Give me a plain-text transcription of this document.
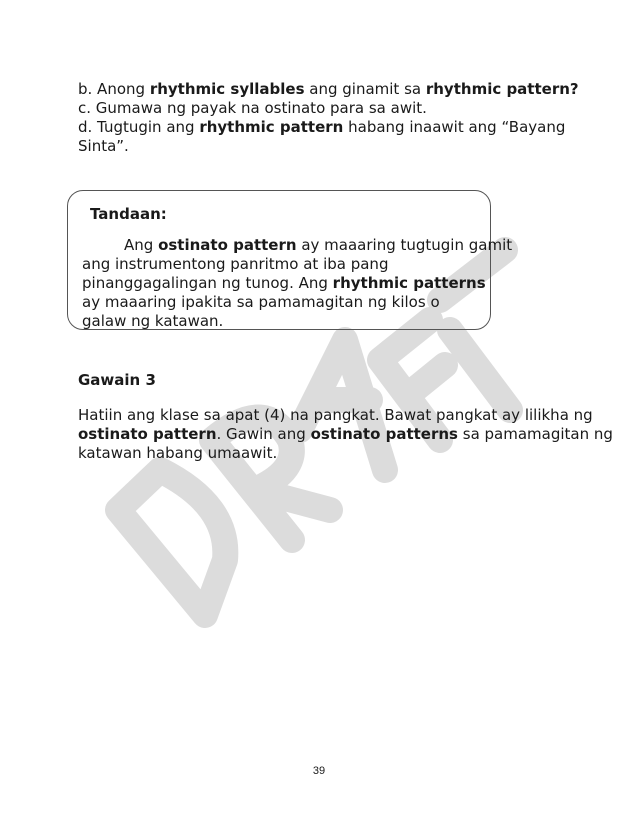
b. Anong rhythmic syllables ang ginamit sa rhythmic pattern?
c. Gumawa ng payak na ostinato para sa awit.
d. Tugtugin ang rhythmic pattern habang inaawit ang “Bayang
Sinta”.
Tandaan:
Ang ostinato pattern ay maaaring tugtugin gamit
ang instrumentong panritmo at iba pang
pinanggagalingan ng tunog. Ang rhythmic patterns
ay maaaring ipakita sa pamamagitan ng kilos o
galaw ng katawan.
Gawain 3
Hatiin ang klase sa apat (4) na pangkat. Bawat pangkat ay lilikha ng
ostinato pattern. Gawin ang ostinato patterns sa pamamagitan ng
katawan habang umaawit.
39
